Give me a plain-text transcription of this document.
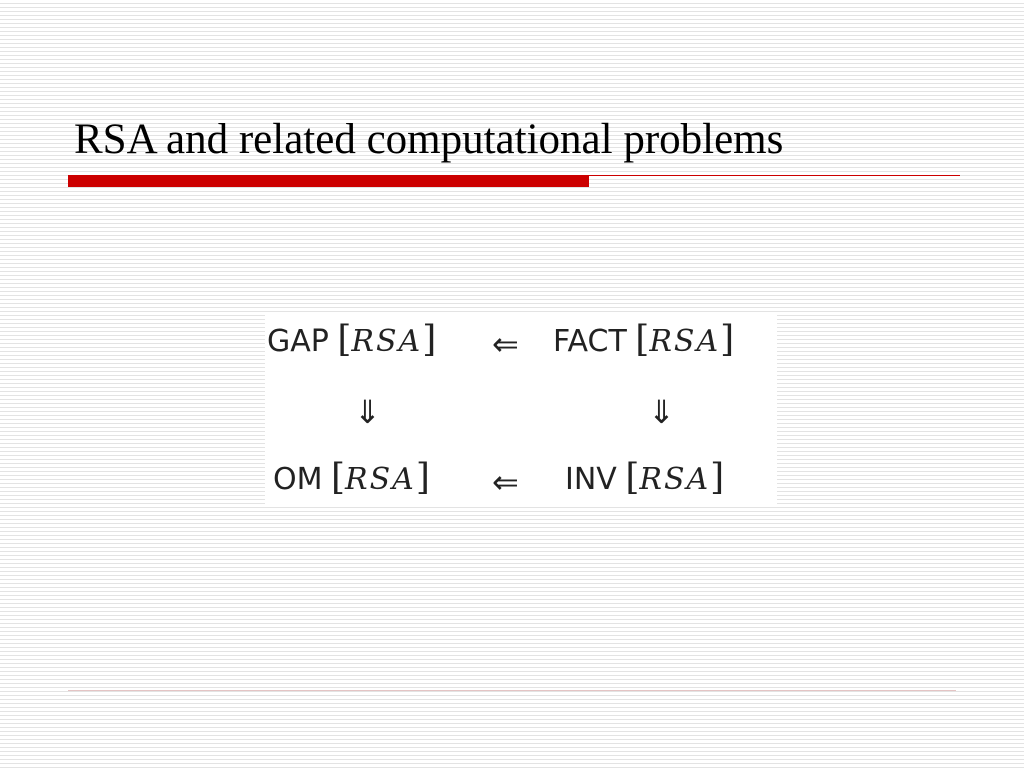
RSA and related computational problems
GAP [RSA] ⇐ FACT [RSA]
⇓	⇓
OM [RSA] ⇐ INV [RSA]
